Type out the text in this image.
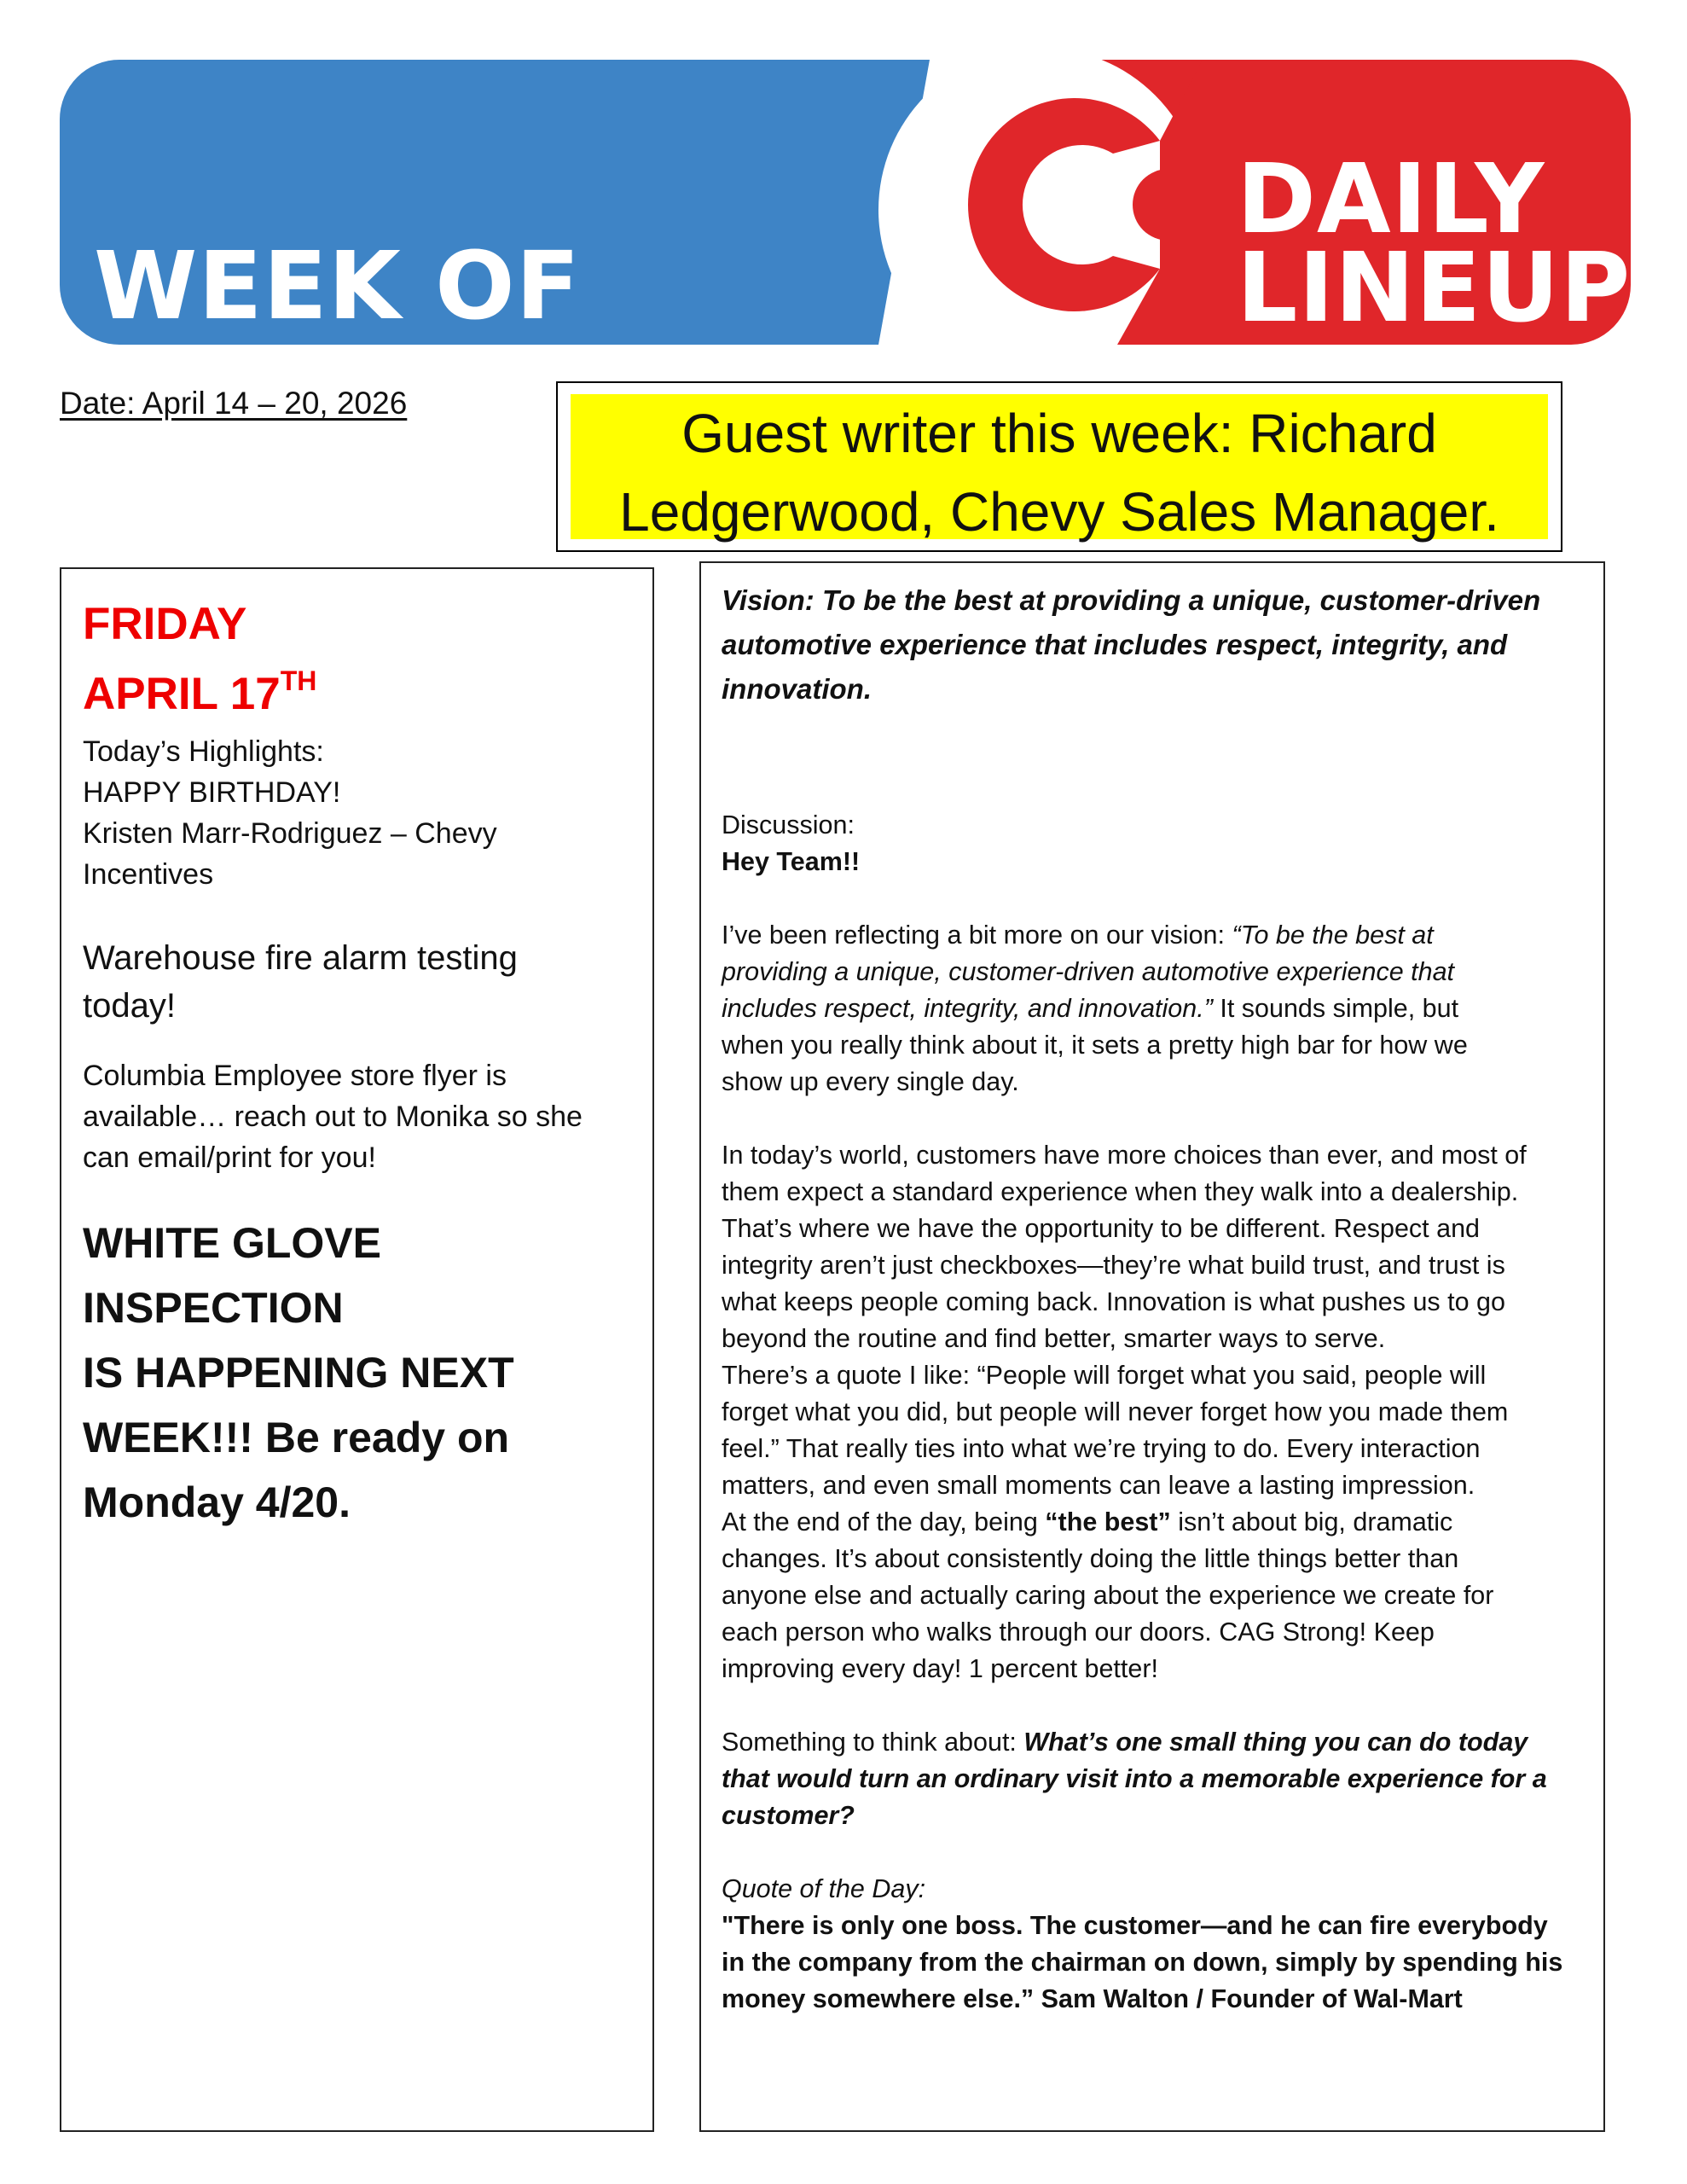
WEEK OF
DAILY
LINEUP
Date: April 14 – 20, 2026	Guest writer this week: Richard
Ledgerwood, Chevy Sales Manager.
FRIDAY
APRIL 17TH
Today’s Highlights:
HAPPY BIRTHDAY!
Kristen Marr-Rodriguez – Chevy
Incentives
Warehouse fire alarm testing
today!
Columbia Employee store flyer is
available… reach out to Monika so she
can email/print for you!
WHITE GLOVE INSPECTION
IS HAPPENING NEXT
WEEK!!! Be ready on
Monday 4/20.
Vision: To be the best at providing a unique, customer-driven
automotive experience that includes respect, integrity, and
innovation.
Discussion:
Hey Team!!
I’ve been reflecting a bit more on our vision: “To be the best at
providing a unique, customer-driven automotive experience that
includes respect, integrity, and innovation.” It sounds simple, but
when you really think about it, it sets a pretty high bar for how we
show up every single day.
In today’s world, customers have more choices than ever, and most of
them expect a standard experience when they walk into a dealership.
That’s where we have the opportunity to be different. Respect and
integrity aren’t just checkboxes—they’re what build trust, and trust is
what keeps people coming back. Innovation is what pushes us to go
beyond the routine and find better, smarter ways to serve.
There’s a quote I like: “People will forget what you said, people will
forget what you did, but people will never forget how you made them
feel.” That really ties into what we’re trying to do. Every interaction
matters, and even small moments can leave a lasting impression.
At the end of the day, being “the best” isn’t about big, dramatic
changes. It’s about consistently doing the little things better than
anyone else and actually caring about the experience we create for
each person who walks through our doors. CAG Strong! Keep
improving every day! 1 percent better!
Something to think about: What’s one small thing you can do today
that would turn an ordinary visit into a memorable experience for a
customer?
Quote of the Day:
"There is only one boss. The customer—and he can fire everybody
in the company from the chairman on down, simply by spending his
money somewhere else.” Sam Walton / Founder of Wal-Mart
